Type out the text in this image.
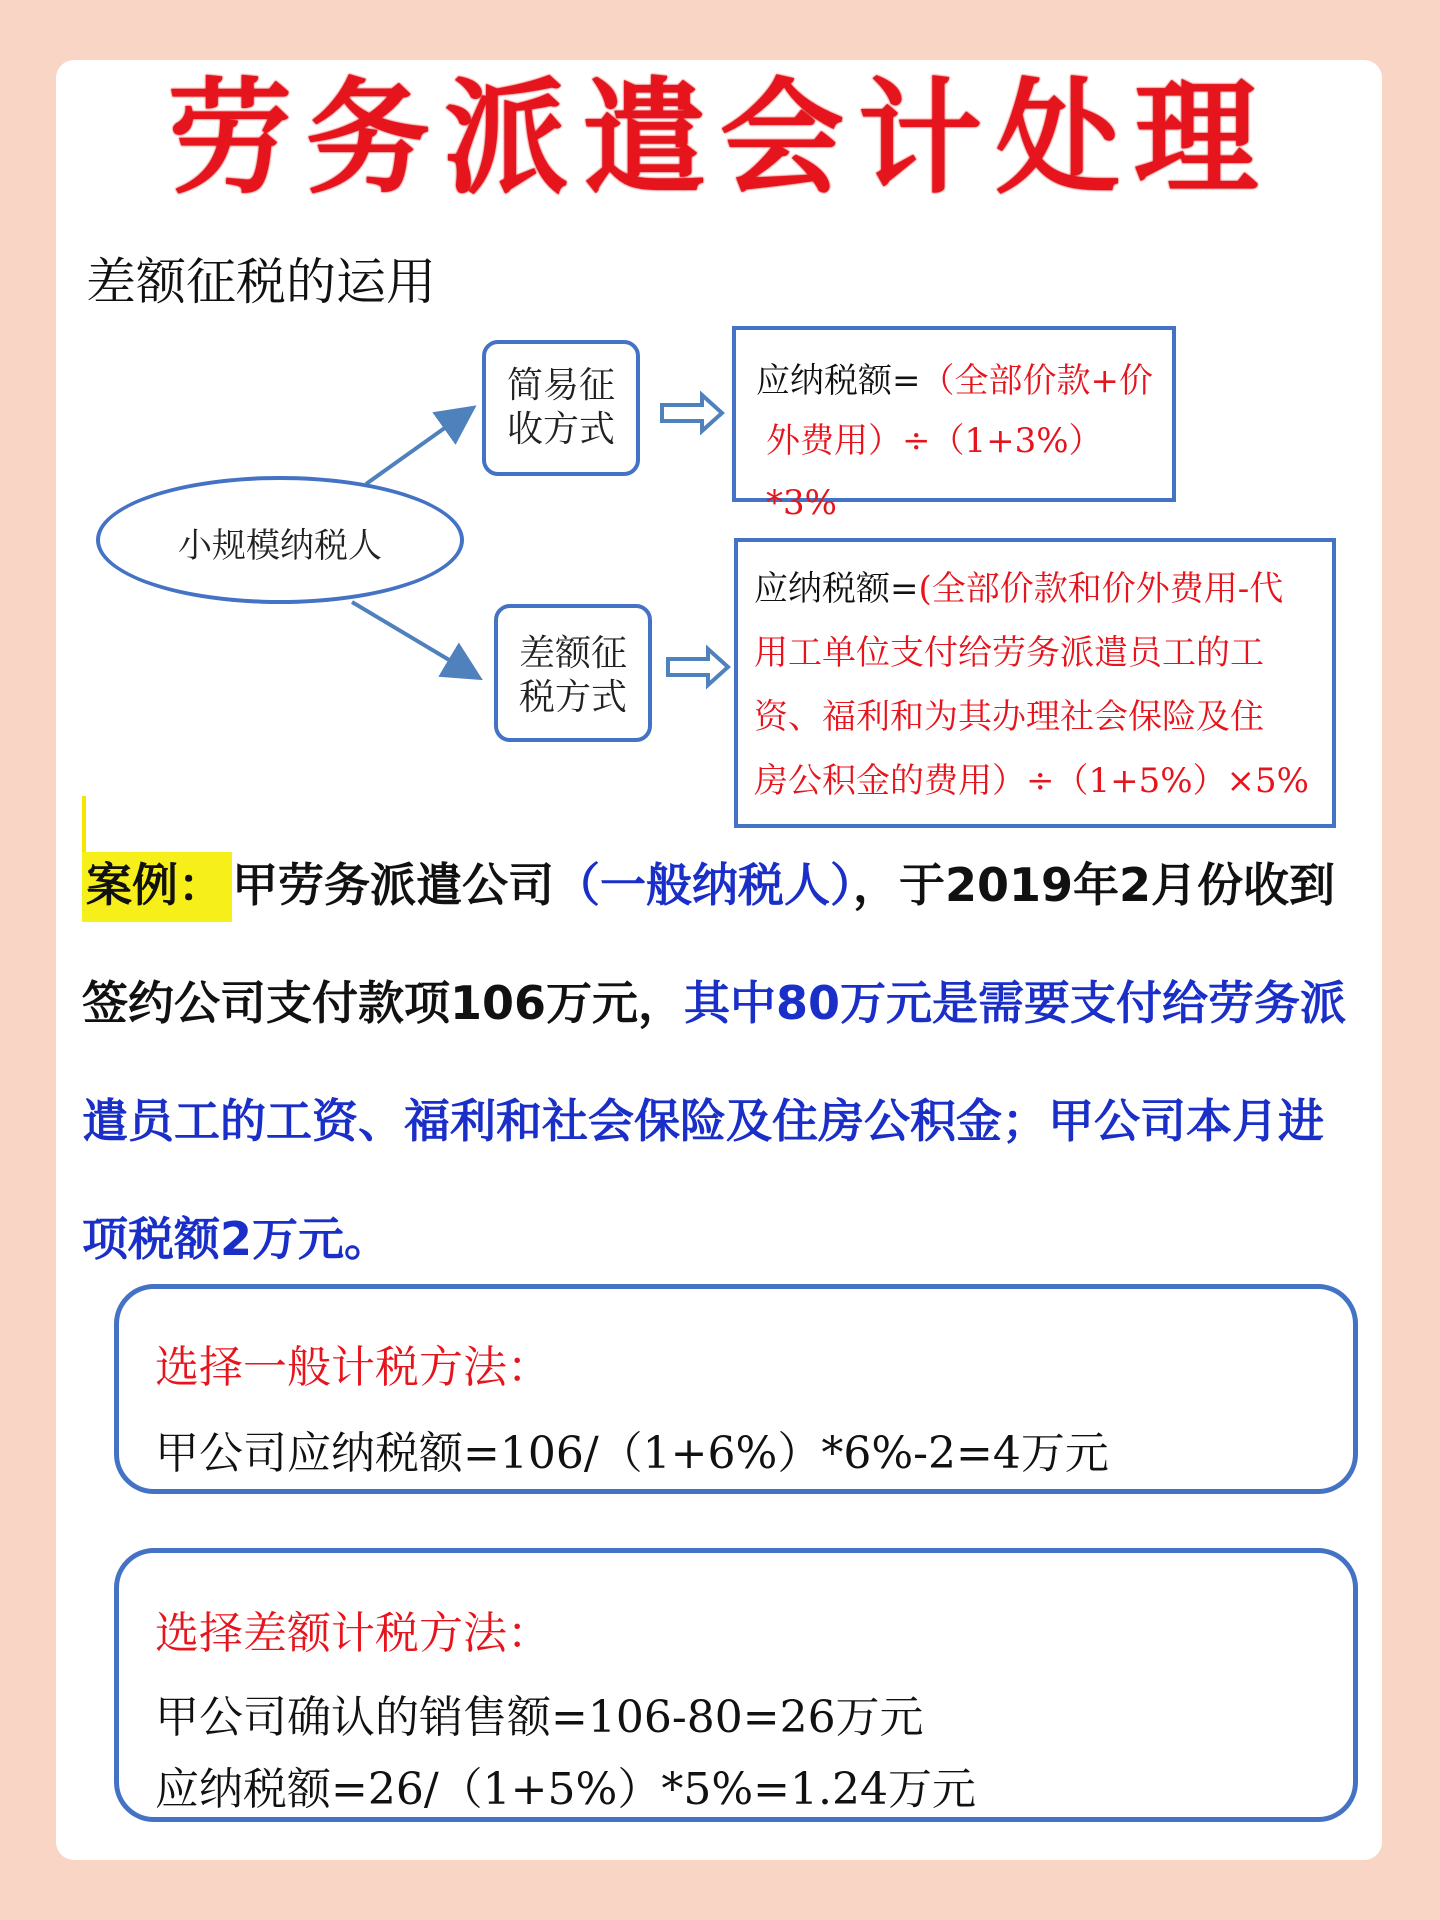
劳务派遣会计处理
差额征税的运用
小规模纳税人
简易征
收方式
差额征
税方式
应纳税额=（全部价款+价
外费用）÷（1+3%）*3%
应纳税额=(全部价款和价外费用-代
用工单位支付给劳务派遣员工的工
资、福利和为其办理社会保险及住
房公积金的费用）÷（1+5%）×5%
案例： 甲劳务派遣公司（一般纳税人），于2019年2月份收到签约公司支付款项106万元，其中80万元是需要支付给劳务派遣员工的工资、福利和社会保险及住房公积金；甲公司本月进项税额2万元。
选择一般计税方法：
甲公司应纳税额=106/（1+6%）*6%-2=4万元
选择差额计税方法：
甲公司确认的销售额=106-80=26万元
应纳税额=26/（1+5%）*5%=1.24万元
